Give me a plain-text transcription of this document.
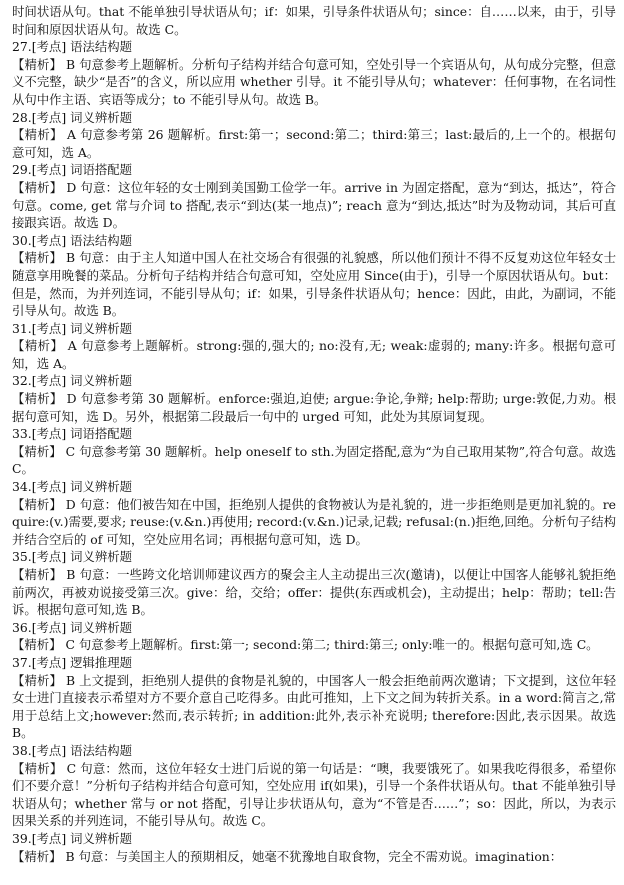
时间状语从句。that 不能单独引导状语从句；if：如果，引导条件状语从句；since：自……以来，由于，引导时间和原因状语从句。故选 C。
27.[考点] 语法结构题
【精析】 B 句意参考上题解析。分析句子结构并结合句意可知，空处引导一个宾语从句，从句成分完整，但意义不完整，缺少“是否”的含义，所以应用 whether 引导。it 不能引导从句；whatever：任何事物，在名词性从句中作主语、宾语等成分；to 不能引导从句。故选 B。
28.[考点] 词义辨析题
【精析】 A 句意参考第 26 题解析。first:第一；second:第二；third:第三；last:最后的,上一个的。根据句意可知，选 A。
29.[考点] 词语搭配题
【精析】 D 句意：这位年轻的女士刚到美国勤工俭学一年。arrive in 为固定搭配，意为“到达，抵达”，符合句意。come, get 常与介词 to 搭配,表示“到达(某一地点)”; reach 意为“到达,抵达”时为及物动词，其后可直接跟宾语。故选 D。
30.[考点] 语法结构题
【精析】 B 句意：由于主人知道中国人在社交场合有很强的礼貌感，所以他们预计不得不反复劝这位年轻女士随意享用晚餐的菜品。分析句子结构并结合句意可知，空处应用 Since(由于)，引导一个原因状语从句。but：但是，然而，为并列连词，不能引导从句；if：如果，引导条件状语从句；hence：因此，由此，为副词，不能引导从句。故选 B。
31.[考点] 词义辨析题
【精析】 A 句意参考上题解析。strong:强的,强大的; no:没有,无; weak:虚弱的; many:许多。根据句意可知，选 A。
32.[考点] 词义辨析题
【精析】 D 句意参考第 30 题解析。enforce:强迫,迫使; argue:争论,争辩; help:帮助; urge:敦促,力劝。根据句意可知，选 D。另外，根据第二段最后一句中的 urged 可知，此处为其原词复现。
33.[考点] 词语搭配题
【精析】 C 句意参考第 30 题解析。help oneself to sth.为固定搭配,意为“为自己取用某物”,符合句意。故选 C。
34.[考点] 词义辨析题
【精析】 D 句意：他们被告知在中国，拒绝别人提供的食物被认为是礼貌的，进一步拒绝则是更加礼貌的。require:(v.)需要,要求; reuse:(v.&n.)再使用; record:(v.&n.)记录,记载; refusal:(n.)拒绝,回绝。分析句子结构并结合空后的 of 可知，空处应用名词；再根据句意可知，选 D。
35.[考点] 词义辨析题
【精析】 B 句意：一些跨文化培训师建议西方的聚会主人主动提出三次(邀请)，以便让中国客人能够礼貌拒绝前两次，再被劝说接受第三次。give：给，交给；offer：提供(东西或机会)，主动提出；help：帮助；tell:告诉。根据句意可知,选 B。
36.[考点] 词义辨析题
【精析】 C 句意参考上题解析。first:第一; second:第二; third:第三; only:唯一的。根据句意可知,选 C。
37.[考点] 逻辑推理题
【精析】 B 上文提到，拒绝别人提供的食物是礼貌的，中国客人一般会拒绝前两次邀请；下文提到，这位年轻女士进门直接表示希望对方不要介意自己吃得多。由此可推知，上下文之间为转折关系。in a word:简言之,常用于总结上文;however:然而,表示转折; in addition:此外,表示补充说明; therefore:因此,表示因果。故选 B。
38.[考点] 语法结构题
【精析】 C 句意：然而，这位年轻女士进门后说的第一句话是：“噢，我要饿死了。如果我吃得很多，希望你们不要介意！”分析句子结构并结合句意可知，空处应用 if(如果)，引导一个条件状语从句。that 不能单独引导状语从句；whether 常与 or not 搭配，引导让步状语从句，意为“不管是否……”；so：因此，所以，为表示因果关系的并列连词，不能引导从句。故选 C。
39.[考点] 词义辨析题
【精析】 B 句意：与美国主人的预期相反，她毫不犹豫地自取食物，完全不需劝说。imagination：
